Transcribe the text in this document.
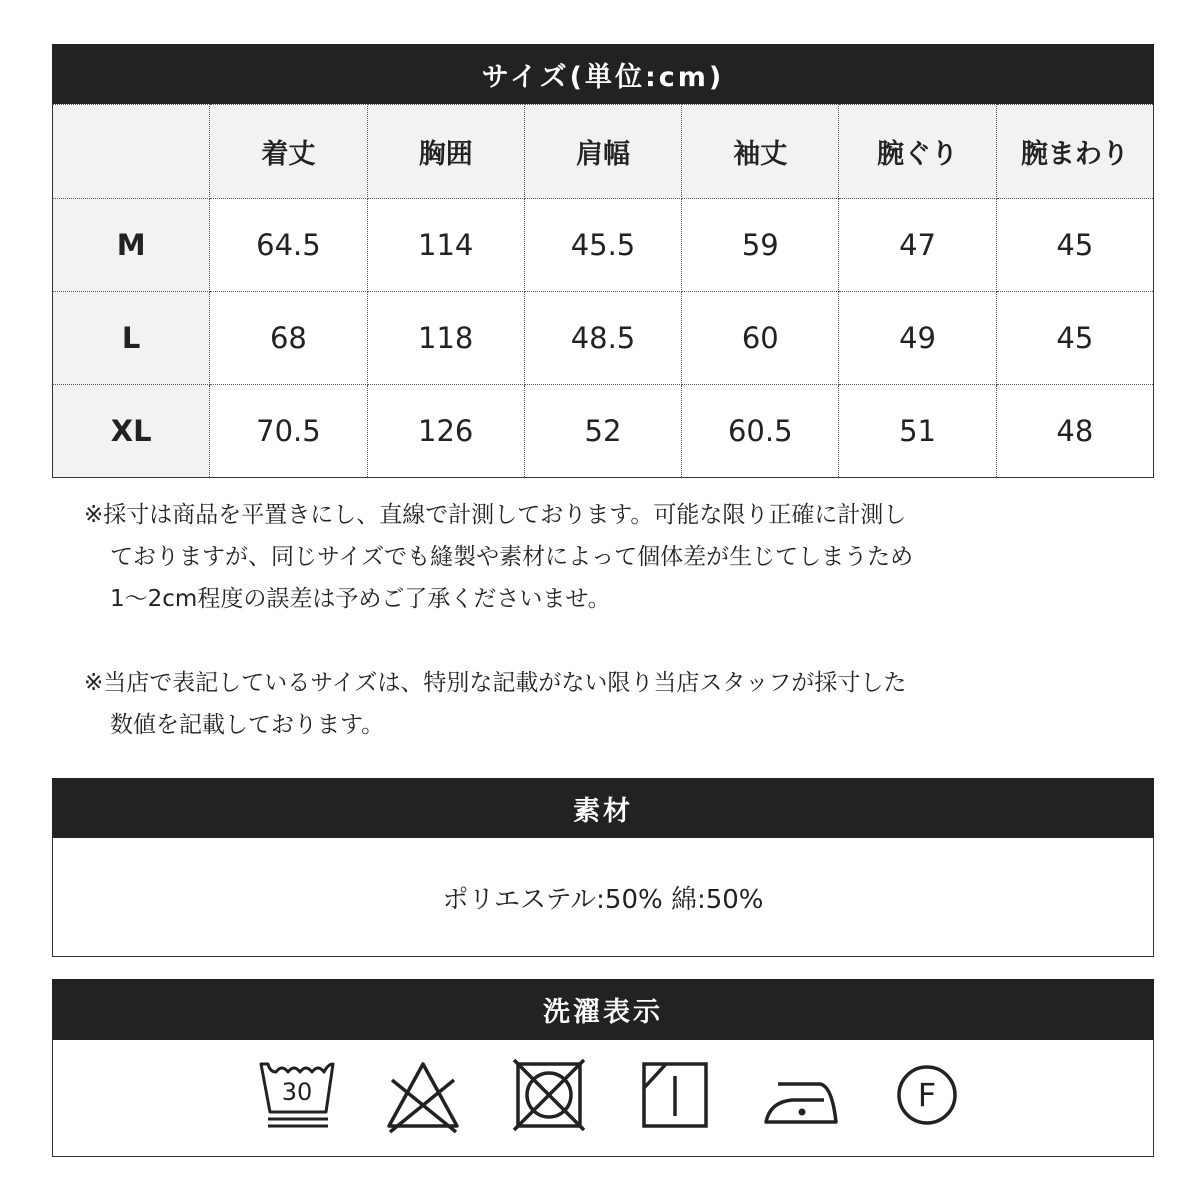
サイズ(単位:cm)
	着丈	胸囲	肩幅	袖丈	腕ぐり	腕まわり
M	64.5	114	45.5	59	47	45
L	68	118	48.5	60	49	45
XL	70.5	126	52	60.5	51	48

※採寸は商品を平置きにし、直線で計測しております。可能な限り正確に計測し
ておりますが、同じサイズでも縫製や素材によって個体差が生じてしまうため
1〜2cm程度の誤差は予めご了承くださいませ。

※当店で表記しているサイズは、特別な記載がない限り当店スタッフが採寸した
数値を記載しております。

素材
ポリエステル:50% 綿:50%
洗濯表示
30	F
